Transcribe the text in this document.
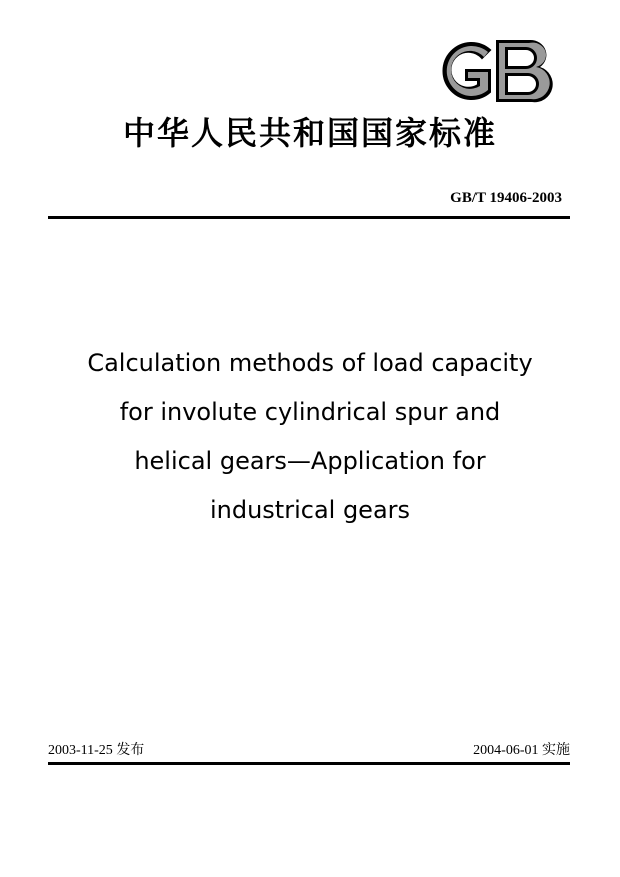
中华人民共和国国家标准
GB/T 19406-2003
Calculation methods of load capacity
for involute cylindrical spur and
helical gears—Application for
industrical gears
2003-11-25 发布	2004-06-01 实施
